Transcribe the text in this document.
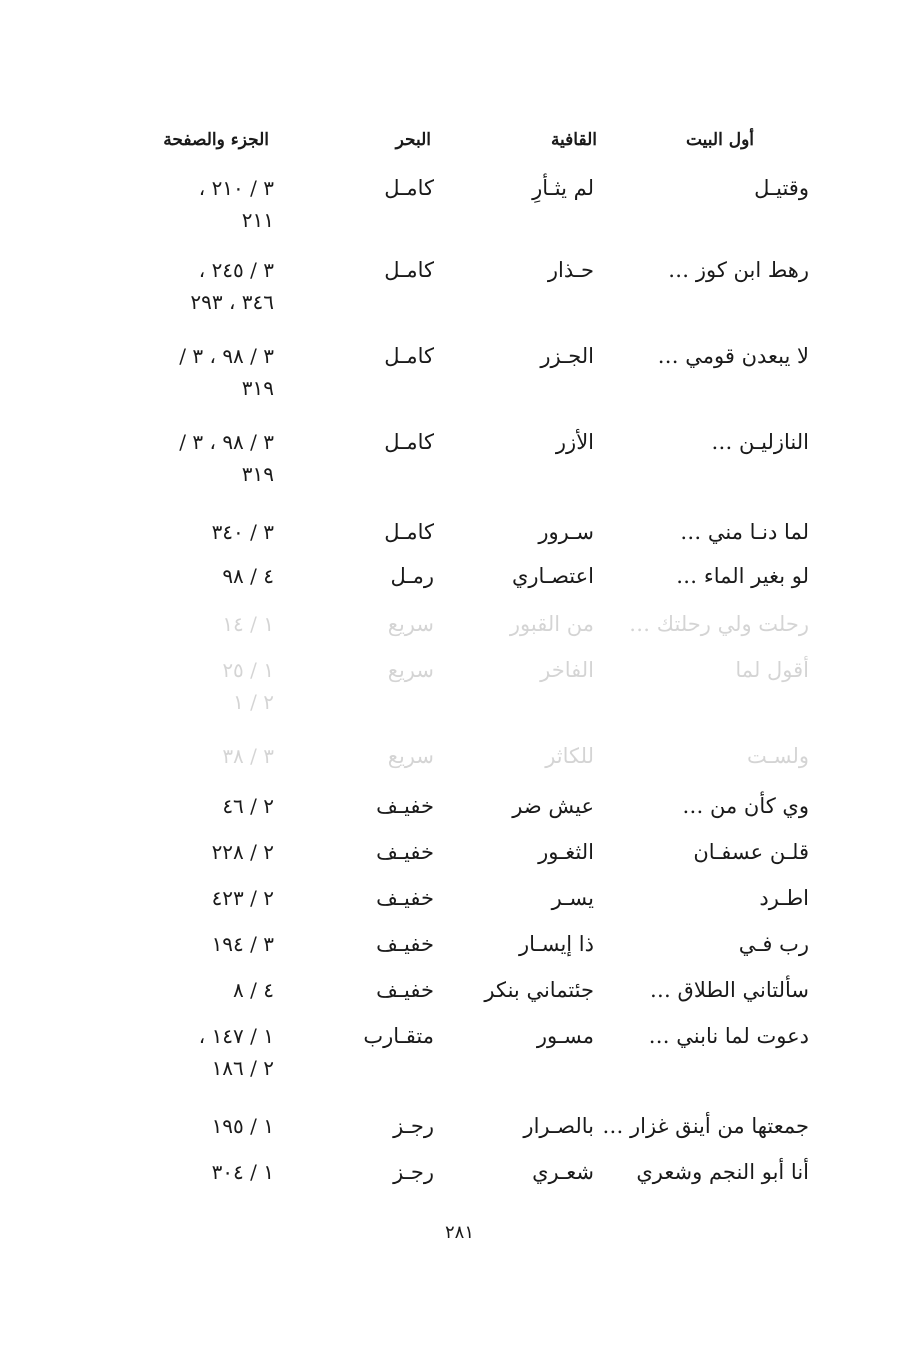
أول البيت
القافية
البحر
الجزء والصفحة
وقتيـل
لم يثـأرِ
كامـل
٣ / ٢١٠ ،
٢١١
رهط ابن كوز …
حـذار
كامـل
٣ / ٢٤٥ ،
٣٤٦ ، ٢٩٣
لا يبعدن قومي …
الجـزر
كامـل
٣ / ٩٨ ، ٣ /
٣١٩
النازليـن …
الأزر
كامـل
٣ / ٩٨ ، ٣ /
٣١٩
لما دنـا مني …
سـرور
كامـل
٣ / ٣٤٠
لو بغير الماء …
اعتصـاري
رمـل
٤ / ٩٨
رحلت ولي رحلتك …
من القبور
سريع
١ / ١٤
أقول لما
الفاخر
سريع
١ / ٢٥
٢ / ١
ولسـت
للكاثر
سريع
٣ / ٣٨
وي كأن من …
عيش ضر
خفيـف
٢ / ٤٦
قلـن عسفـان
الثغـور
خفيـف
٢ / ٢٢٨
اطـرد
يسـر
خفيـف
٢ / ٤٢٣
رب فـي
ذا إيسـار
خفيـف
٣ / ١٩٤
سألتاني الطلاق …
جئتماني بنكر
خفيـف
٤ / ٨
دعوت لما نابني …
مسـور
متقـارب
١ / ١٤٧ ،
٢ / ١٨٦
جمعتها من أينق غزار …
بالصـرار
رجـز
١ / ١٩٥
أنا أبو النجم وشعري
شعـري
رجـز
١ / ٣٠٤
٢٨١
